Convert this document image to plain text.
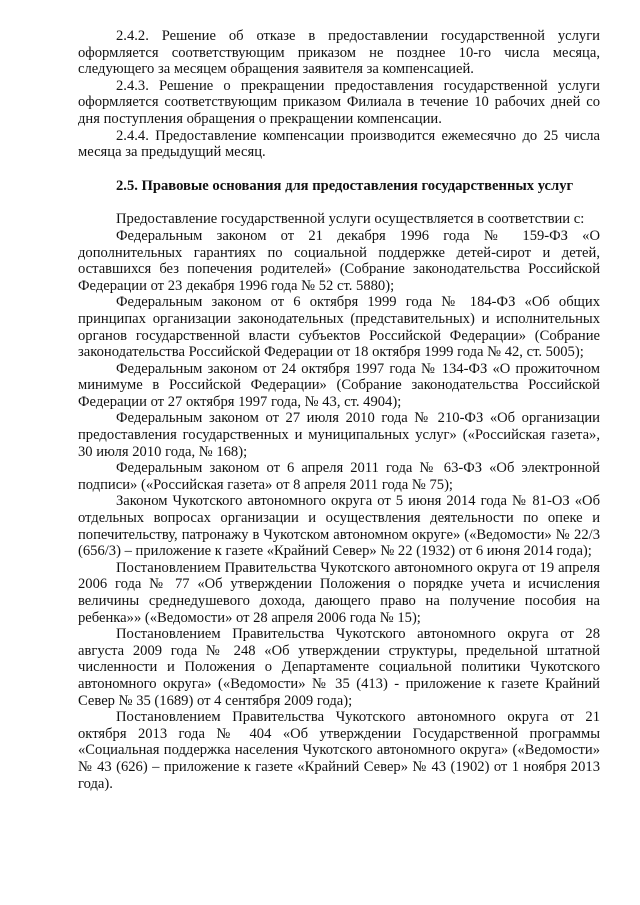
2.4.2. Решение об отказе в предоставлении государственной услуги оформляется соответствующим приказом не позднее 10-го числа месяца, следующего за месяцем обращения заявителя за компенсацией.

2.4.3. Решение о прекращении предоставления государственной услуги оформляется соответствующим приказом Филиала в течение 10 рабочих дней со дня поступления обращения о прекращении компенсации.

2.4.4. Предоставление компенсации производится ежемесячно до 25 числа месяца за предыдущий месяц.

2.5. Правовые основания для предоставления государственных услуг

Предоставление государственной услуги осуществляется в соответствии с:

Федеральным законом от 21 декабря 1996 года № 159-ФЗ «О дополнительных гарантиях по социальной поддержке детей-сирот и детей, оставшихся без попечения родителей» (Собрание законодательства Российской Федерации от 23 декабря 1996 года № 52 ст. 5880);

Федеральным законом от 6 октября 1999 года № 184-ФЗ «Об общих принципах организации законодательных (представительных) и исполнительных органов государственной власти субъектов Российской Федерации» (Собрание законодательства Российской Федерации от 18 октября 1999 года № 42, ст. 5005);

Федеральным законом от 24 октября 1997 года № 134-ФЗ «О прожиточном минимуме в Российской Федерации» (Собрание законодательства Российской Федерации от 27 октября 1997 года, № 43, ст. 4904);

Федеральным законом от 27 июля 2010 года № 210-ФЗ «Об организации предоставления государственных и муниципальных услуг» («Российская газета», 30 июля 2010 года, № 168);

Федеральным законом от 6 апреля 2011 года № 63-ФЗ «Об электронной подписи» («Российская газета» от 8 апреля 2011 года № 75);

Законом Чукотского автономного округа от 5 июня 2014 года № 81-ОЗ «Об отдельных вопросах организации и осуществления деятельности по опеке и попечительству, патронажу в Чукотском автономном округе» («Ведомости» № 22/3 (656/3) – приложение к газете «Крайний Север» № 22 (1932) от 6 июня 2014 года);

Постановлением Правительства Чукотского автономного округа от 19 апреля 2006 года № 77 «Об утверждении Положения о порядке учета и исчисления величины среднедушевого дохода, дающего право на получение пособия на ребенка»» («Ведомости» от 28 апреля 2006 года № 15);

Постановлением Правительства Чукотского автономного округа от 28 августа 2009 года № 248 «Об утверждении структуры, предельной штатной численности и Положения о Департаменте социальной политики Чукотского автономного округа» («Ведомости» № 35 (413) - приложение к газете Крайний Север № 35 (1689) от 4 сентября 2009 года);

Постановлением Правительства Чукотского автономного округа от 21 октября 2013 года № 404 «Об утверждении Государственной программы «Социальная поддержка населения Чукотского автономного округа» («Ведомости» № 43 (626) – приложение к газете «Крайний Север» № 43 (1902) от 1 ноября 2013 года).
